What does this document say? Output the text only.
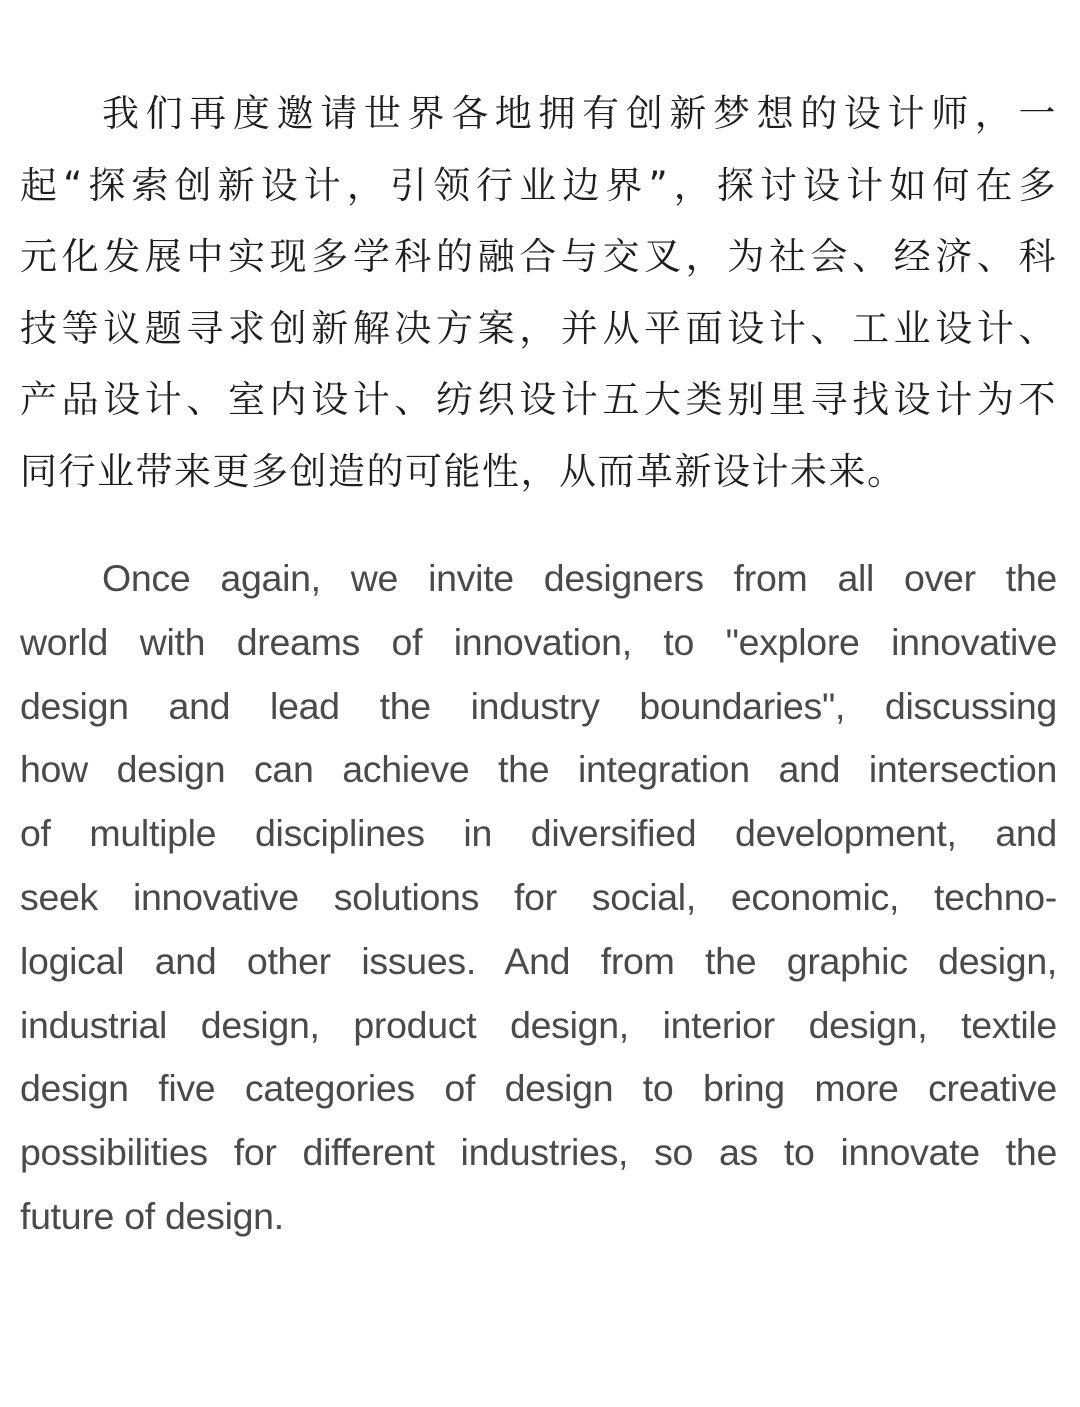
我们再度邀请世界各地拥有创新梦想的设计师，一
起“探索创新设计，引领行业边界”，探讨设计如何在多
元化发展中实现多学科的融合与交叉，为社会、经济、科
技等议题寻求创新解决方案，并从平面设计、工业设计、
产品设计、室内设计、纺织设计五大类别里寻找设计为不
同行业带来更多创造的可能性，从而革新设计未来。

Once again, we invite designers from all over the
world with dreams of innovation, to "explore innovative
design and lead the industry boundaries", discussing
how design can achieve the integration and intersection
of multiple disciplines in diversified development, and
seek innovative solutions for social, economic, techno-
logical and other issues. And from the graphic design,
industrial design, product design, interior design, textile
design five categories of design to bring more creative
possibilities for different industries, so as to innovate the
future of design.
